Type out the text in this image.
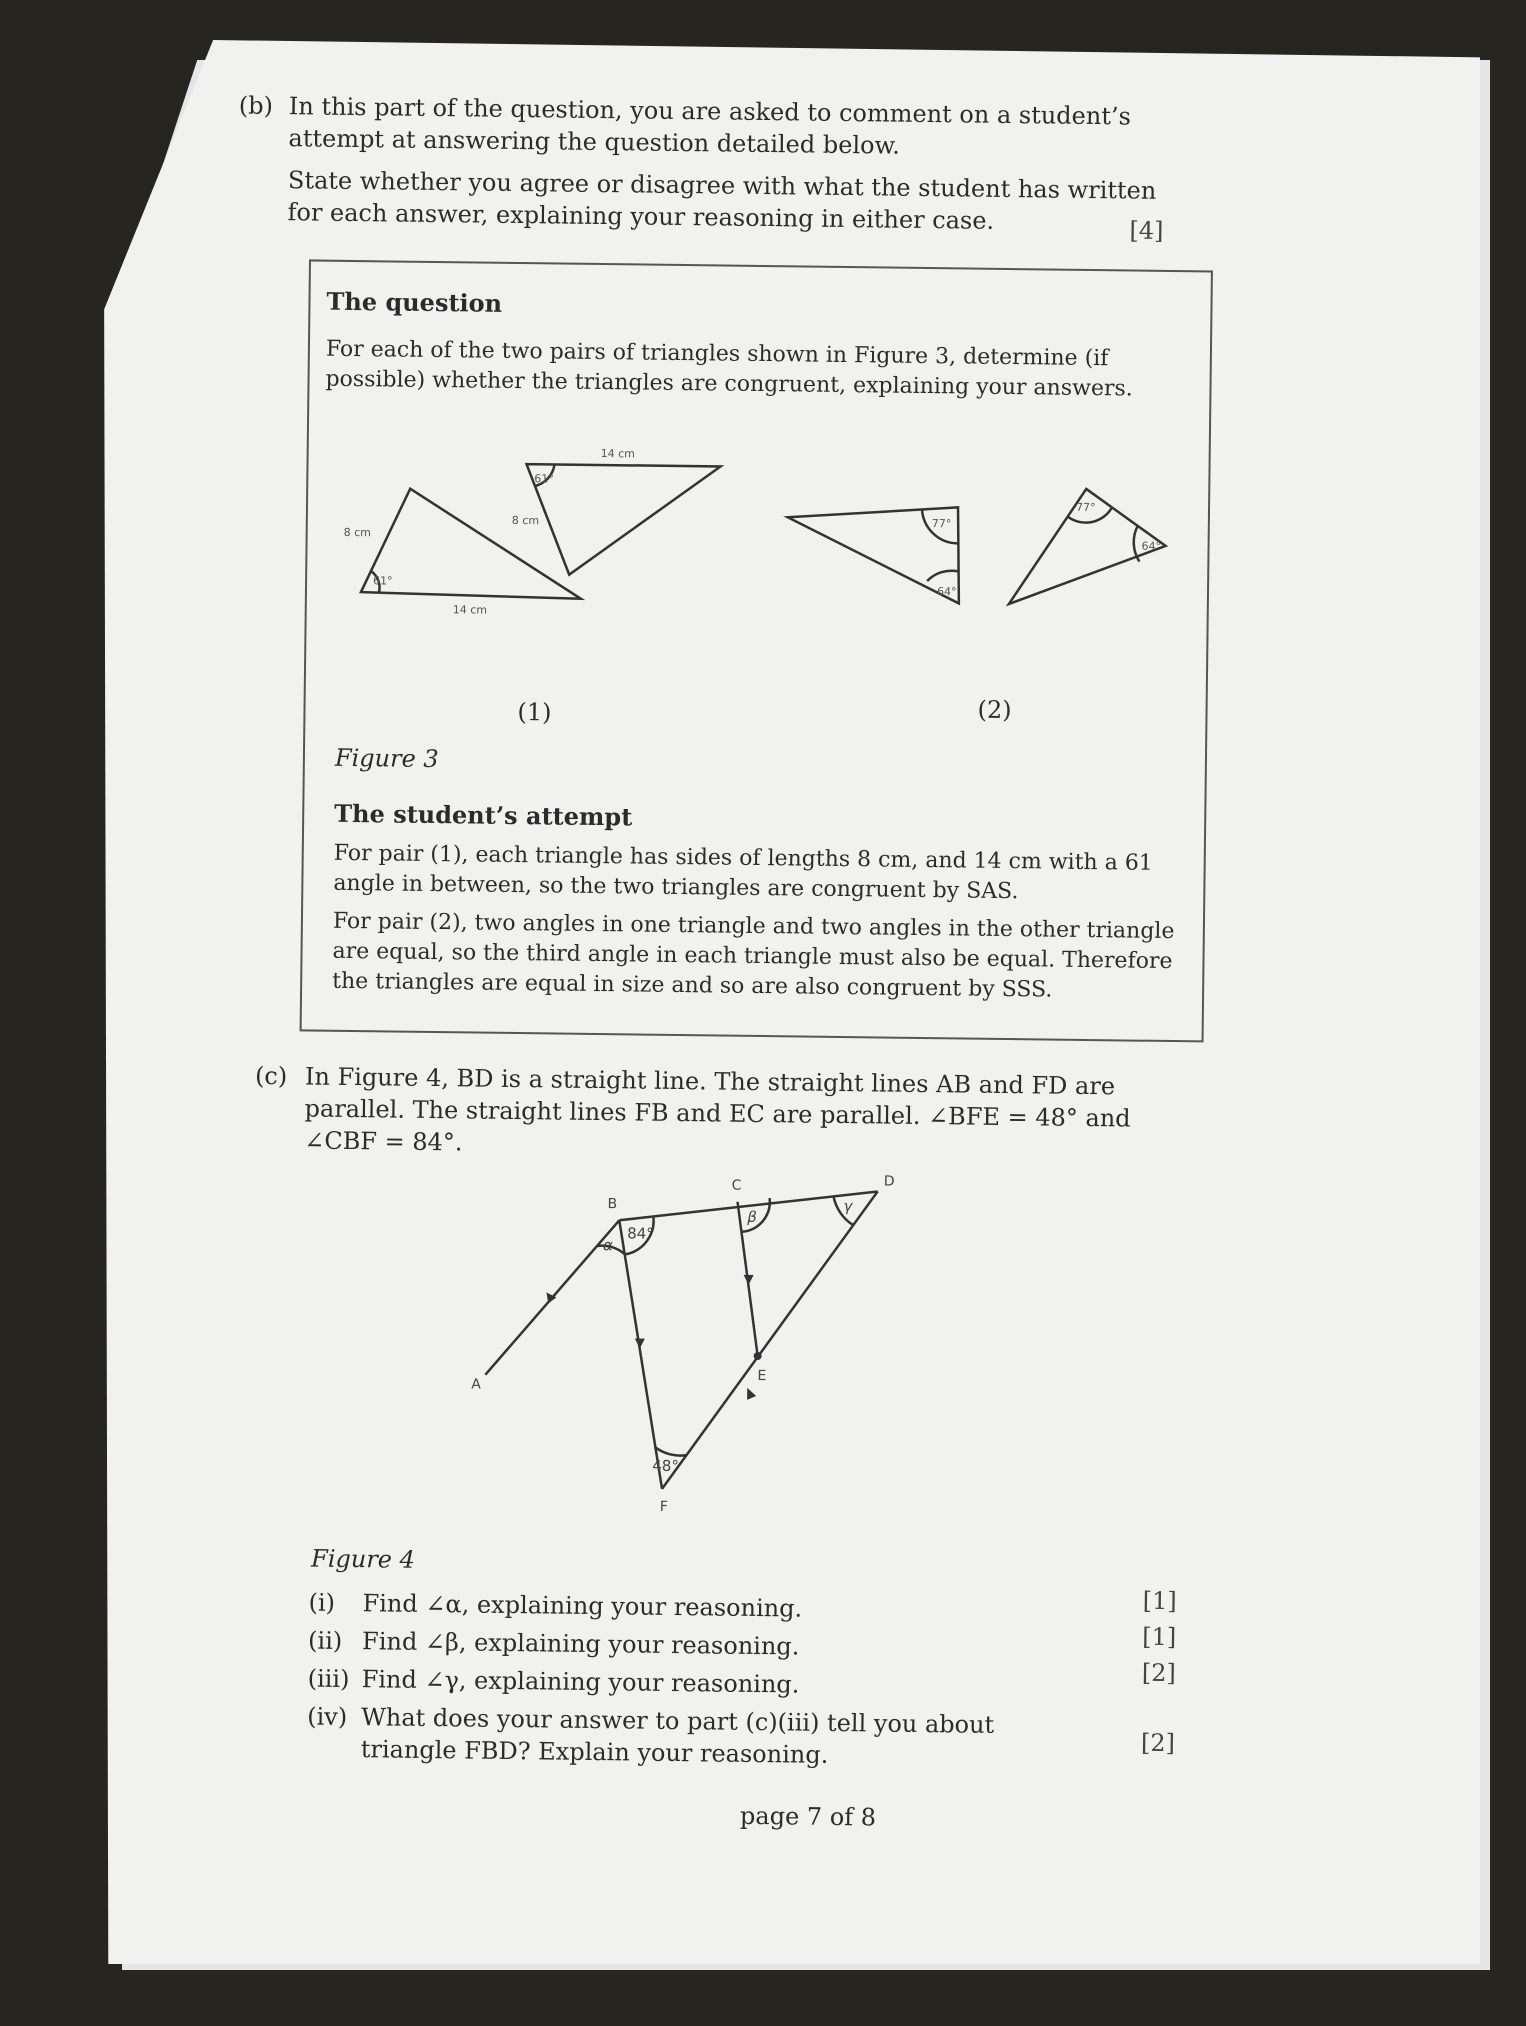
(b) In this part of the question, you are asked to comment on a student’s
attempt at answering the question detailed below.
State whether you agree or disagree with what the student has written
for each answer, explaining your reasoning in either case.	[4]
The question
For each of the two pairs of triangles shown in Figure 3, determine (if
possible) whether the triangles are congruent, explaining your answers.
8 cm
14 cm
61°
14 cm
8 cm
61°
77°
64°
77°
64°
(1)	(2)
Figure 3
The student’s attempt
For pair (1), each triangle has sides of lengths 8 cm, and 14 cm with a 61
angle in between, so the two triangles are congruent by SAS.
For pair (2), two angles in one triangle and two angles in the other triangle
are equal, so the third angle in each triangle must also be equal. Therefore
the triangles are equal in size and so are also congruent by SSS.
(c) In Figure 4, BD is a straight line. The straight lines AB and FD are
parallel. The straight lines FB and EC are parallel. ∠BFE = 48° and
∠CBF = 84°.
A
B
C	D
E
F
84°
48°
α
β
γ
Figure 4
(i) Find ∠α, explaining your reasoning.	[1]
(ii) Find ∠β, explaining your reasoning.	[1]
(iii) Find ∠γ, explaining your reasoning.	[2]
(iv) What does your answer to part (c)(iii) tell you about
triangle FBD? Explain your reasoning.	[2]
page 7 of 8
